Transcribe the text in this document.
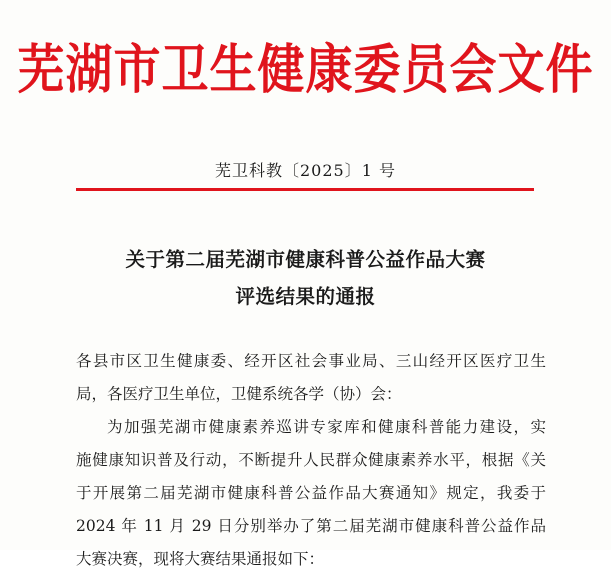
芜湖市卫生健康委员会文件
芜卫科教〔2025〕1 号
关于第二届芜湖市健康科普公益作品大赛
评选结果的通报
各县市区卫生健康委、经开区社会事业局、三山经开区医疗卫生
局，各医疗卫生单位，卫健系统各学（协）会：
为加强芜湖市健康素养巡讲专家库和健康科普能力建设，实
施健康知识普及行动，不断提升人民群众健康素养水平，根据《关
于开展第二届芜湖市健康科普公益作品大赛通知》规定，我委于
2024 年 11 月 29 日分别举办了第二届芜湖市健康科普公益作品
大赛决赛，现将大赛结果通报如下：
